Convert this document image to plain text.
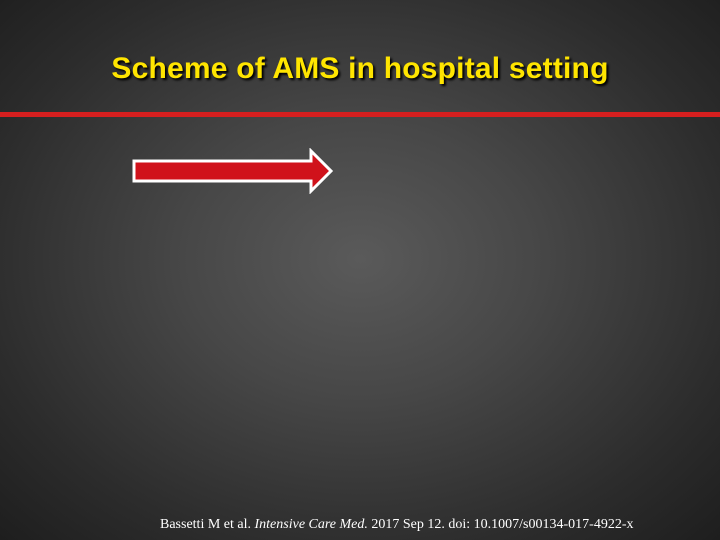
Scheme of AMS in hospital setting
Bassetti M et al. Intensive Care Med. 2017 Sep 12. doi: 10.1007/s00134-017-4922-x
